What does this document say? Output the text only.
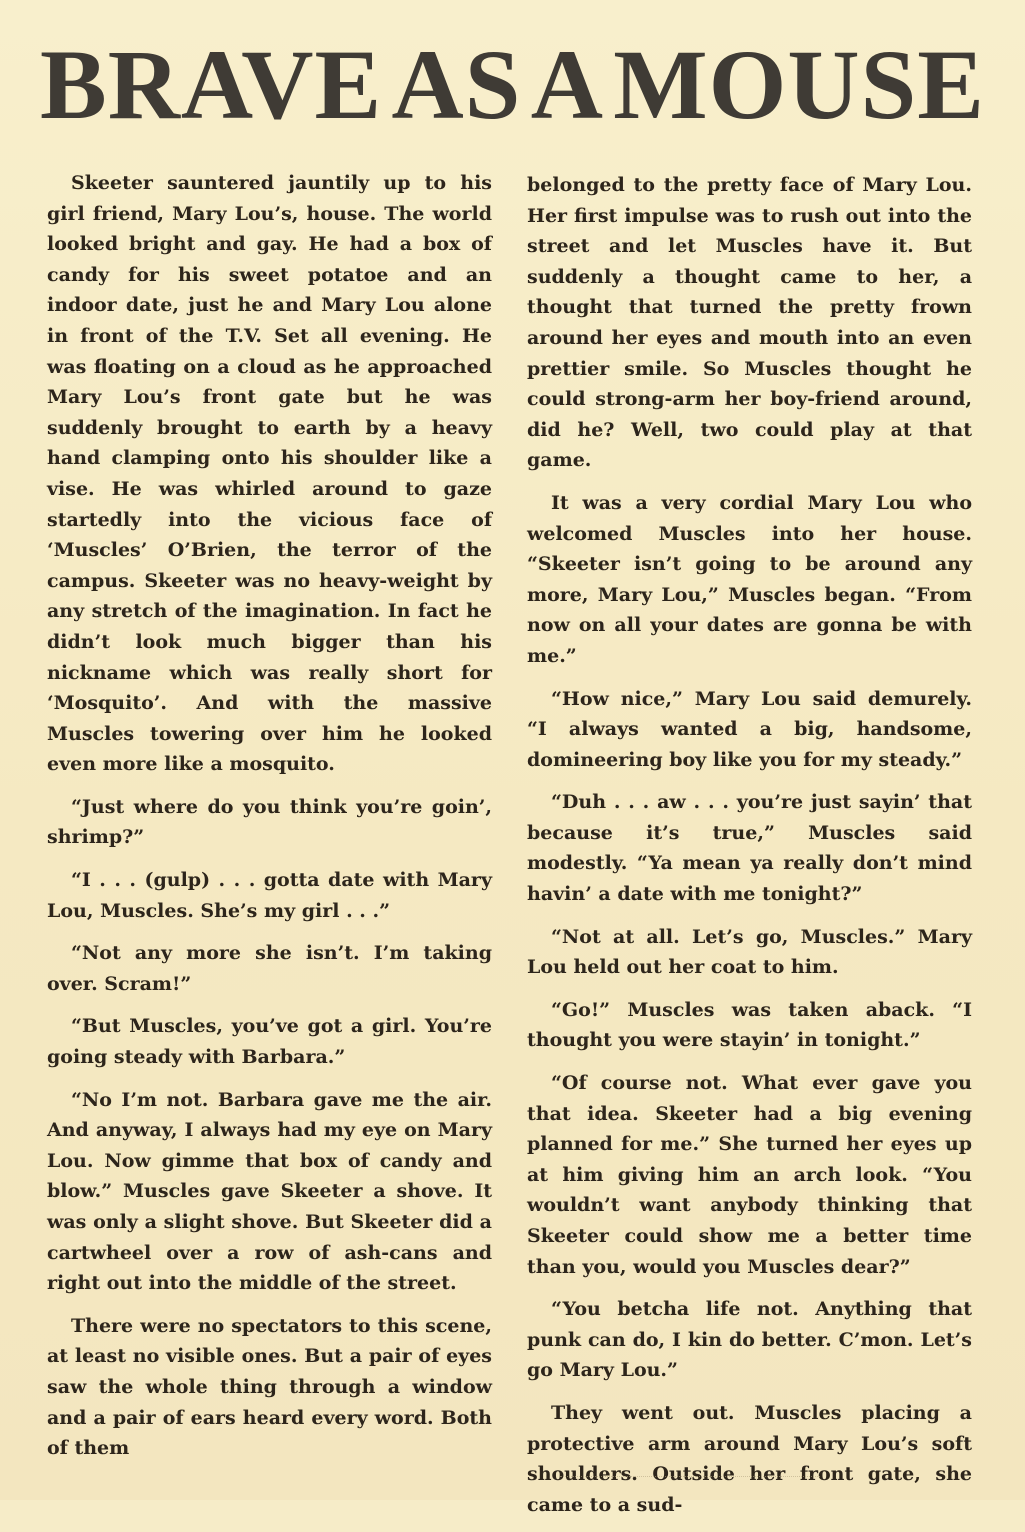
BRAVE AS A MOUSE

Skeeter sauntered jauntily up to his girl friend, Mary Lou’s, house. The world looked bright and gay. He had a box of candy for his sweet potatoe and an indoor date, just he and Mary Lou alone in front of the T.V. Set all evening. He was floating on a cloud as he approached Mary Lou’s front gate but he was suddenly brought to earth by a heavy hand clamping onto his shoulder like a vise. He was whirled around to gaze startedly into the vicious face of ‘Muscles’ O’Brien, the terror of the campus. Skeeter was no heavy-weight by any stretch of the imagination. In fact he didn’t look much bigger than his nickname which was really short for ‘Mosquito’. And with the massive Muscles towering over him he looked even more like a mosquito.

“Just where do you think you’re goin’, shrimp?”

“I . . . (gulp) . . . gotta date with Mary Lou, Muscles. She’s my girl . . .”

“Not any more she isn’t. I’m taking over. Scram!”

“But Muscles, you’ve got a girl. You’re going steady with Barbara.”

“No I’m not. Barbara gave me the air. And anyway, I always had my eye on Mary Lou. Now gimme that box of candy and blow.” Muscles gave Skeeter a shove. It was only a slight shove. But Skeeter did a cartwheel over a row of ash-cans and right out into the middle of the street.

There were no spectators to this scene, at least no visible ones. But a pair of eyes saw the whole thing through a window and a pair of ears heard every word. Both of them

belonged to the pretty face of Mary Lou. Her first impulse was to rush out into the street and let Muscles have it. But suddenly a thought came to her, a thought that turned the pretty frown around her eyes and mouth into an even prettier smile. So Muscles thought he could strong-arm her boy-friend around, did he? Well, two could play at that game.

It was a very cordial Mary Lou who welcomed Muscles into her house. “Skeeter isn’t going to be around any more, Mary Lou,” Muscles began. “From now on all your dates are gonna be with me.”

“How nice,” Mary Lou said demurely. “I always wanted a big, handsome, domineering boy like you for my steady.”

“Duh . . . aw . . . you’re just sayin’ that because it’s true,” Muscles said modestly. “Ya mean ya really don’t mind havin’ a date with me tonight?”

“Not at all. Let’s go, Muscles.” Mary Lou held out her coat to him.

“Go!” Muscles was taken aback. “I thought you were stayin’ in tonight.”

“Of course not. What ever gave you that idea. Skeeter had a big evening planned for me.” She turned her eyes up at him giving him an arch look. “You wouldn’t want anybody thinking that Skeeter could show me a better time than you, would you Muscles dear?”

“You betcha life not. Anything that punk can do, I kin do better. C’mon. Let’s go Mary Lou.”

They went out. Muscles placing a protective arm around Mary Lou’s soft shoulders. Outside her front gate, she came to a sud-
